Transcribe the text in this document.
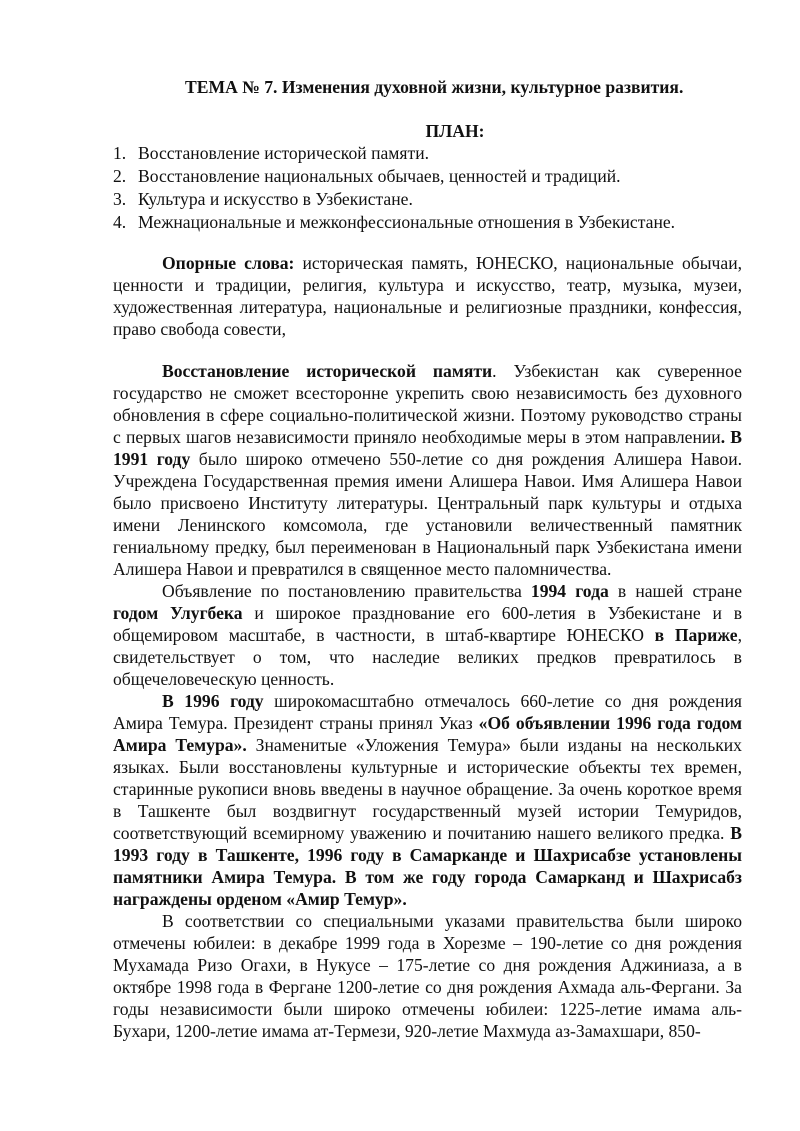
ТЕМА № 7. Изменения духовной жизни, культурное развития.
ПЛАН:
1. Восстановление исторической памяти.
2. Восстановление национальных обычаев, ценностей и традиций.
3. Культура и искусство в Узбекистане.
4. Межнациональные и межконфессиональные отношения в Узбекистане.

Опорные слова: историческая память, ЮНЕСКО, национальные обычаи, ценности и традиции, религия, культура и искусство, театр, музыка, музеи, художественная литература, национальные и религиозные праздники, конфессия, право свобода совести,

Восстановление исторической памяти. Узбекистан как суверенное государство не сможет всесторонне укрепить свою независимость без духовного обновления в сфере социально-политической жизни. Поэтому руководство страны с первых шагов независимости приняло необходимые меры в этом направлении. В 1991 году было широко отмечено 550-летие со дня рождения Алишера Навои. Учреждена Государственная премия имени Алишера Навои. Имя Алишера Навои было присвоено Институту литературы. Центральный парк культуры и отдыха имени Ленинского комсомола, где установили величественный памятник гениальному предку, был переименован в Национальный парк Узбекистана имени Алишера Навои и превратился в священное место паломничества.

Объявление по постановлению правительства 1994 года в нашей стране годом Улугбека и широкое празднование его 600-летия в Узбекистане и в общемировом масштабе, в частности, в штаб-квартире ЮНЕСКО в Париже, свидетельствует о том, что наследие великих предков превратилось в общечеловеческую ценность.

В 1996 году широкомасштабно отмечалось 660-летие со дня рождения Амира Темура. Президент страны принял Указ «Об объявлении 1996 года годом Амира Темура». Знаменитые «Уложения Темура» были изданы на нескольких языках. Были восстановлены культурные и исторические объекты тех времен, старинные рукописи вновь введены в научное обращение. За очень короткое время в Ташкенте был воздвигнут государственный музей истории Темуридов, соответствующий всемирному уважению и почитанию нашего великого предка. В 1993 году в Ташкенте, 1996 году в Самарканде и Шахрисабзе установлены памятники Амира Темура. В том же году города Самарканд и Шахрисабз награждены орденом «Амир Темур».

В соответствии со специальными указами правительства были широко отмечены юбилеи: в декабре 1999 года в Хорезме – 190-летие со дня рождения Мухамада Ризо Огахи, в Нукусе – 175-летие со дня рождения Аджиниаза, а в октябре 1998 года в Фергане 1200-летие со дня рождения Ахмада аль-Фергани. За годы независимости были широко отмечены юбилеи: 1225-летие имама аль-Бухари, 1200-летие имама ат-Термези, 920-летие Махмуда аз-Замахшари, 850-
